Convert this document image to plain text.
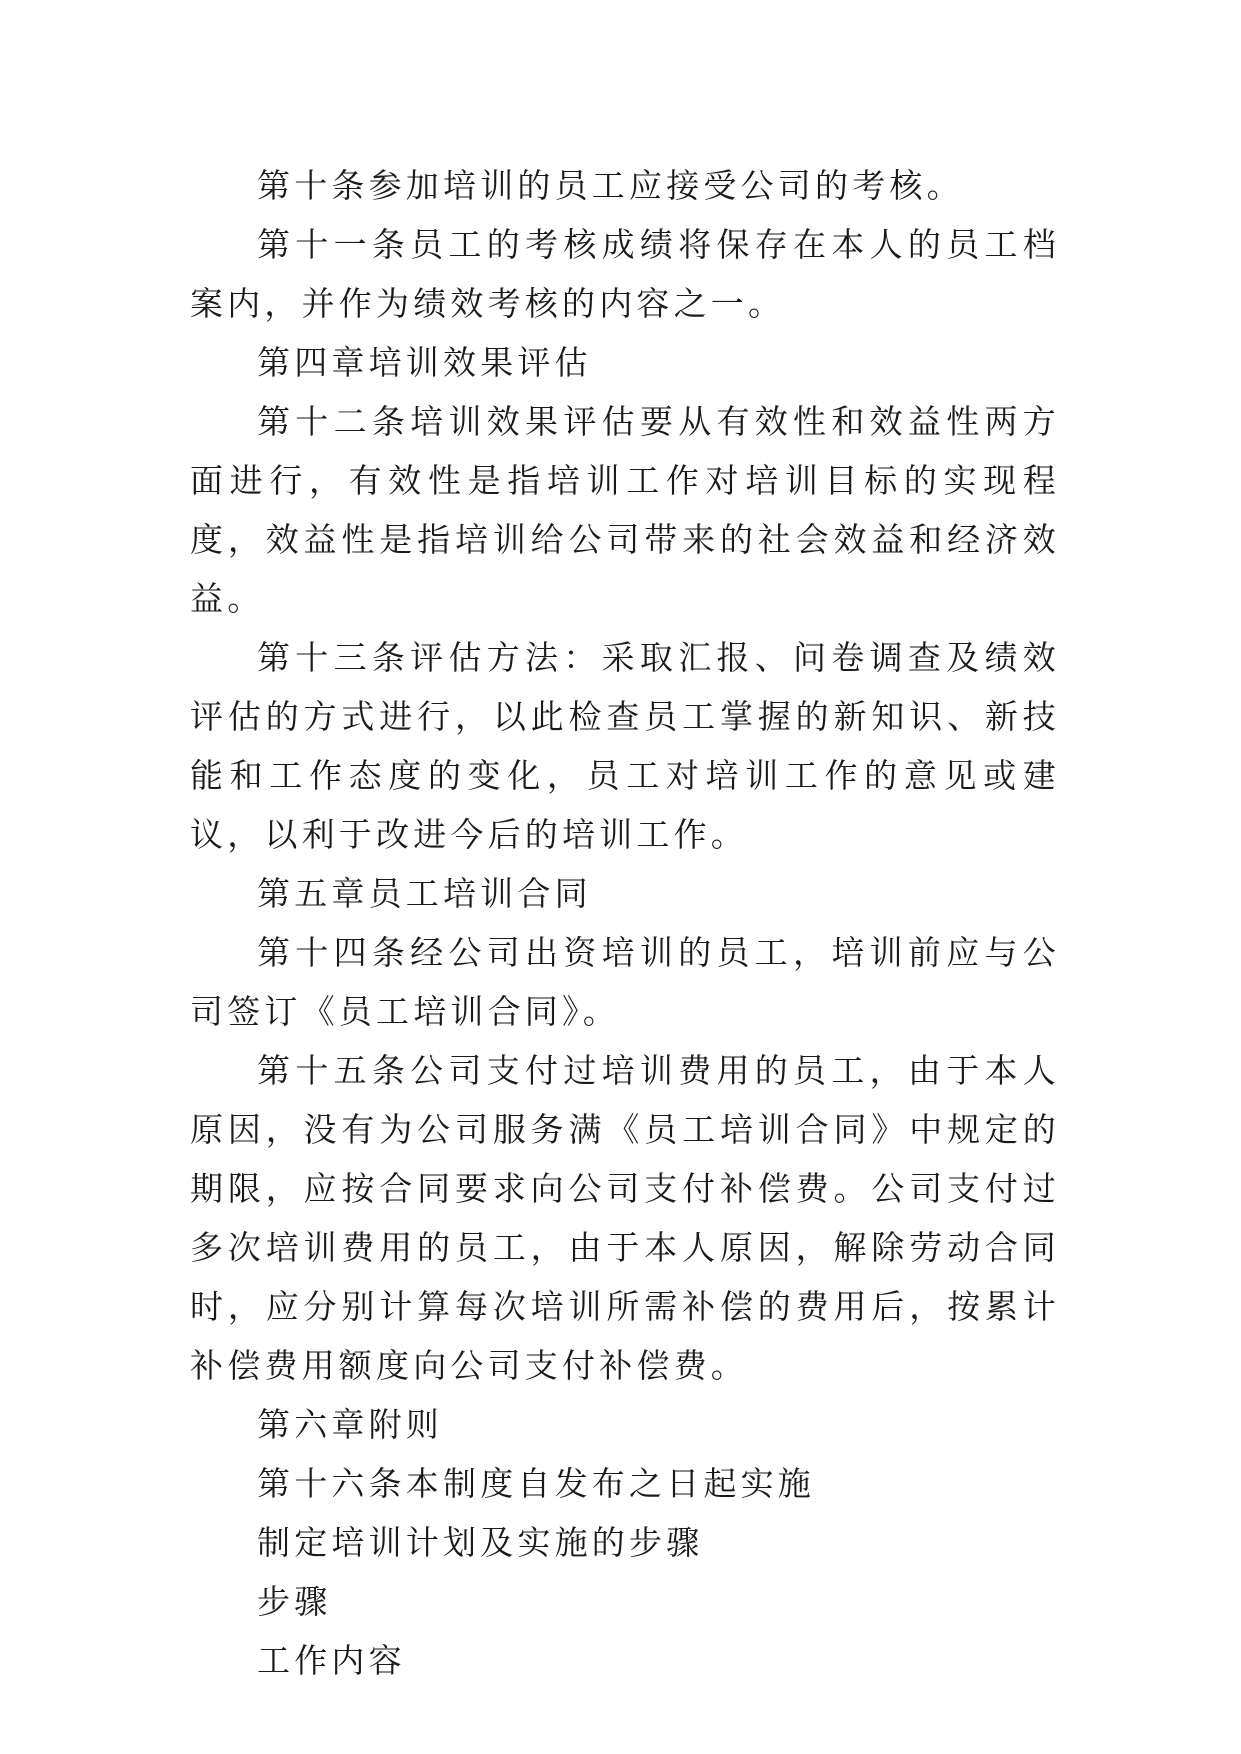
第十条参加培训的员工应接受公司的考核。

第十一条员工的考核成绩将保存在本人的员工档案内，并作为绩效考核的内容之一。

第四章培训效果评估

第十二条培训效果评估要从有效性和效益性两方面进行，有效性是指培训工作对培训目标的实现程度，效益性是指培训给公司带来的社会效益和经济效益。

第十三条评估方法：采取汇报、问卷调查及绩效评估的方式进行，以此检查员工掌握的新知识、新技能和工作态度的变化，员工对培训工作的意见或建议，以利于改进今后的培训工作。

第五章员工培训合同

第十四条经公司出资培训的员工，培训前应与公司签订《员工培训合同》。

第十五条公司支付过培训费用的员工，由于本人原因，没有为公司服务满《员工培训合同》中规定的期限，应按合同要求向公司支付补偿费。公司支付过多次培训费用的员工，由于本人原因，解除劳动合同时，应分别计算每次培训所需补偿的费用后，按累计补偿费用额度向公司支付补偿费。

第六章附则

第十六条本制度自发布之日起实施

制定培训计划及实施的步骤

步骤

工作内容
